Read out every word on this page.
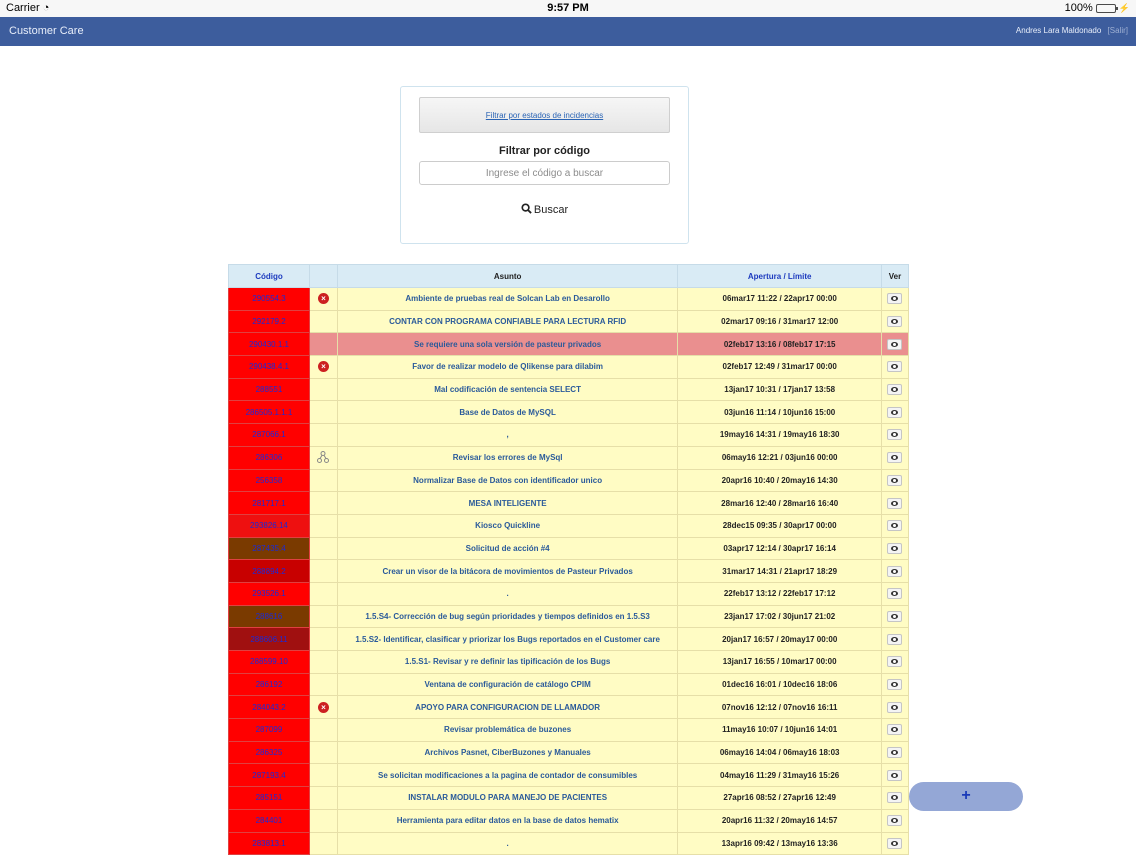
Carrier ◔	9:57 PM	100%	⚡
Customer Care	Andres Lara Maldonado [Salir]
Filtrar por estados de incidencias
Filtrar por código
Ingrese el código a buscar
Buscar
Código		Asunto	Apertura / Límite	Ver
290554.3	×	Ambiente de pruebas real de Solcan Lab en Desarollo	06mar17 11:22 / 22apr17 00:00	
292179.2		CONTAR CON PROGRAMA CONFIABLE PARA LECTURA RFID	02mar17 09:16 / 31mar17 12:00	
290430.1.1		Se requiere una sola versión de pasteur privados	02feb17 13:16 / 08feb17 17:15	
290438.4.1	×	Favor de realizar modelo de Qlikense para dilabim	02feb17 12:49 / 31mar17 00:00	
288551		Mal codificación de sentencia SELECT	13jan17 10:31 / 17jan17 13:58	
286505.1.1.1		Base de Datos de MySQL	03jun16 11:14 / 10jun16 15:00	
287066.1		,	19may16 14:31 / 19may16 18:30	
286306		Revisar los errores de MySql	06may16 12:21 / 03jun16 00:00	
256358		Normalizar Base de Datos con identificador unico	20apr16 10:40 / 20may16 14:30	
281717.1		MESA INTELIGENTE	28mar16 12:40 / 28mar16 16:40	
293826.14		Kiosco Quickline	28dec15 09:35 / 30apr17 00:00	
287435.4		Solicitud de acción #4	03apr17 12:14 / 30apr17 16:14	
288894.2		Crear un visor de la bitácora de movimientos de Pasteur Privados	31mar17 14:31 / 21apr17 18:29	
293526.1		.	22feb17 13:12 / 22feb17 17:12	
288616		1.5.S4- Corrección de bug según prioridades y tiempos definidos en 1.5.S3	23jan17 17:02 / 30jun17 21:02	
288606.11		1.5.S2- Identificar, clasificar y priorizar los Bugs reportados en el Customer care	20jan17 16:57 / 20may17 00:00	
288599.10		1.5.S1- Revisar y re definir las tipificación de los Bugs	13jan17 16:55 / 10mar17 00:00	
286192		Ventana de configuración de catálogo CPIM	01dec16 16:01 / 10dec16 18:06	
284043.2	×	APOYO PARA CONFIGURACION DE LLAMADOR	07nov16 12:12 / 07nov16 16:11	
287099		Revisar problemática de buzones	11may16 10:07 / 10jun16 14:01	
286325		Archivos Pasnet, CiberBuzones y Manuales	06may16 14:04 / 06may16 18:03	
287193.4		Se solicitan modificaciones a la pagina de contador de consumibles	04may16 11:29 / 31may16 15:26	
285151		INSTALAR MODULO PARA MANEJO DE PACIENTES	27apr16 08:52 / 27apr16 12:49	
284401		Herramienta para editar datos en la base de datos hematix	20apr16 11:32 / 20may16 14:57	
283813.1		.	13apr16 09:42 / 13may16 13:36	
+
